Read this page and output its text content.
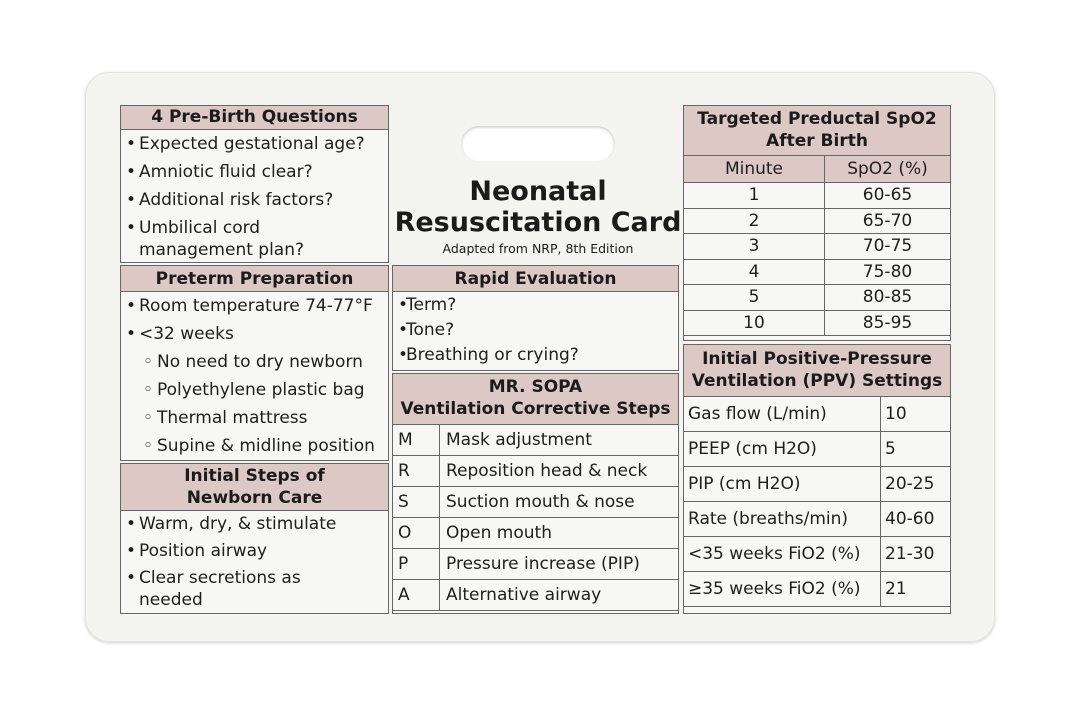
4 Pre-Birth Questions
• Expected gestational age?
• Amniotic fluid clear?
• Additional risk factors?
• Umbilical cord management plan?
Preterm Preparation
• Room temperature 74-77°F
• <32 weeks
◦ No need to dry newborn
◦ Polyethylene plastic bag
◦ Thermal mattress
◦ Supine & midline position
Initial Steps of
Newborn Care
• Warm, dry, & stimulate
• Position airway
• Clear secretions as needed
Neonatal
Resuscitation Card
Adapted from NRP, 8th Edition
Rapid Evaluation
• Term?
• Tone?
• Breathing or crying?
MR. SOPA
Ventilation Corrective Steps
M	Mask adjustment
R	Reposition head & neck
S	Suction mouth & nose
O	Open mouth
P	Pressure increase (PIP)
A	Alternative airway
Targeted Preductal SpO2
After Birth
Minute	SpO2 (%)
1	60-65
2	65-70
3	70-75
4	75-80
5	80-85
10	85-95
Initial Positive-Pressure
Ventilation (PPV) Settings
Gas flow (L/min)	10
PEEP (cm H2O)	5
PIP (cm H2O)	20-25
Rate (breaths/min)	40-60
<35 weeks FiO2 (%)	21-30
≥35 weeks FiO2 (%)	21
